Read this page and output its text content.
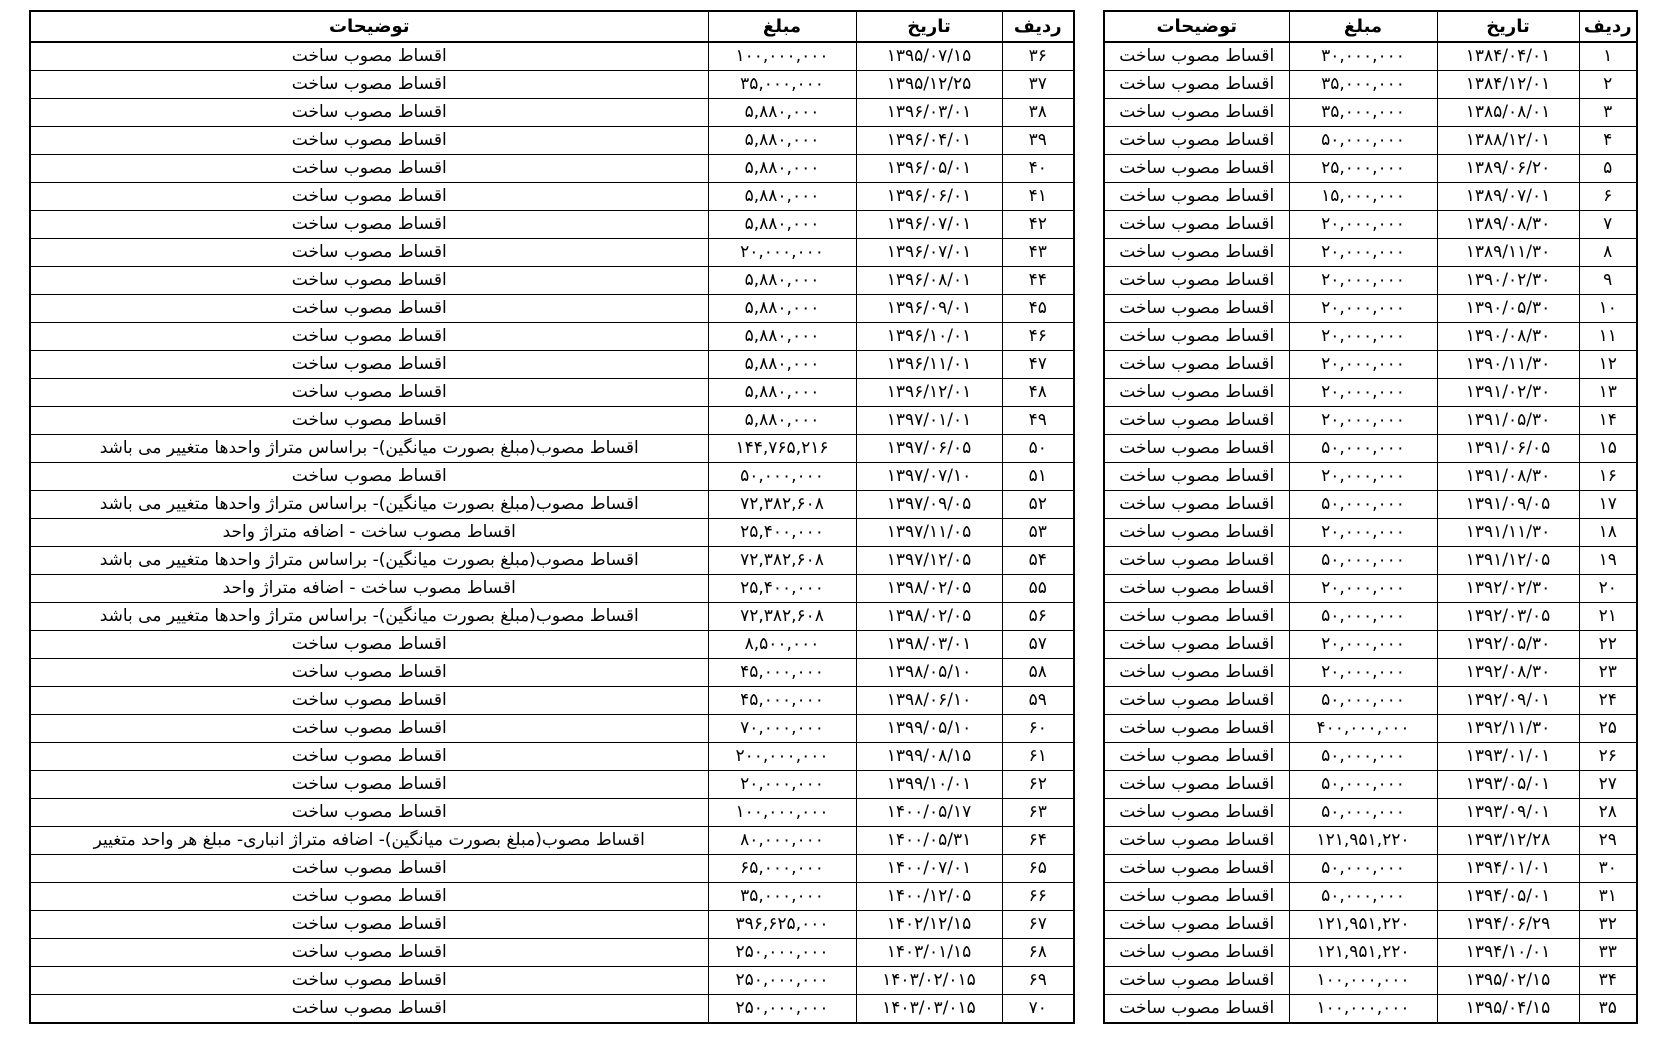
ردیف	تاریخ	مبلغ	توضیحات
۱	۱۳۸۴/۰۴/۰۱	۳۰,۰۰۰,۰۰۰	اقساط مصوب ساخت
۲	۱۳۸۴/۱۲/۰۱	۳۵,۰۰۰,۰۰۰	اقساط مصوب ساخت
۳	۱۳۸۵/۰۸/۰۱	۳۵,۰۰۰,۰۰۰	اقساط مصوب ساخت
۴	۱۳۸۸/۱۲/۰۱	۵۰,۰۰۰,۰۰۰	اقساط مصوب ساخت
۵	۱۳۸۹/۰۶/۲۰	۲۵,۰۰۰,۰۰۰	اقساط مصوب ساخت
۶	۱۳۸۹/۰۷/۰۱	۱۵,۰۰۰,۰۰۰	اقساط مصوب ساخت
۷	۱۳۸۹/۰۸/۳۰	۲۰,۰۰۰,۰۰۰	اقساط مصوب ساخت
۸	۱۳۸۹/۱۱/۳۰	۲۰,۰۰۰,۰۰۰	اقساط مصوب ساخت
۹	۱۳۹۰/۰۲/۳۰	۲۰,۰۰۰,۰۰۰	اقساط مصوب ساخت
۱۰	۱۳۹۰/۰۵/۳۰	۲۰,۰۰۰,۰۰۰	اقساط مصوب ساخت
۱۱	۱۳۹۰/۰۸/۳۰	۲۰,۰۰۰,۰۰۰	اقساط مصوب ساخت
۱۲	۱۳۹۰/۱۱/۳۰	۲۰,۰۰۰,۰۰۰	اقساط مصوب ساخت
۱۳	۱۳۹۱/۰۲/۳۰	۲۰,۰۰۰,۰۰۰	اقساط مصوب ساخت
۱۴	۱۳۹۱/۰۵/۳۰	۲۰,۰۰۰,۰۰۰	اقساط مصوب ساخت
۱۵	۱۳۹۱/۰۶/۰۵	۵۰,۰۰۰,۰۰۰	اقساط مصوب ساخت
۱۶	۱۳۹۱/۰۸/۳۰	۲۰,۰۰۰,۰۰۰	اقساط مصوب ساخت
۱۷	۱۳۹۱/۰۹/۰۵	۵۰,۰۰۰,۰۰۰	اقساط مصوب ساخت
۱۸	۱۳۹۱/۱۱/۳۰	۲۰,۰۰۰,۰۰۰	اقساط مصوب ساخت
۱۹	۱۳۹۱/۱۲/۰۵	۵۰,۰۰۰,۰۰۰	اقساط مصوب ساخت
۲۰	۱۳۹۲/۰۲/۳۰	۲۰,۰۰۰,۰۰۰	اقساط مصوب ساخت
۲۱	۱۳۹۲/۰۳/۰۵	۵۰,۰۰۰,۰۰۰	اقساط مصوب ساخت
۲۲	۱۳۹۲/۰۵/۳۰	۲۰,۰۰۰,۰۰۰	اقساط مصوب ساخت
۲۳	۱۳۹۲/۰۸/۳۰	۲۰,۰۰۰,۰۰۰	اقساط مصوب ساخت
۲۴	۱۳۹۲/۰۹/۰۱	۵۰,۰۰۰,۰۰۰	اقساط مصوب ساخت
۲۵	۱۳۹۲/۱۱/۳۰	۴۰۰,۰۰۰,۰۰۰	اقساط مصوب ساخت
۲۶	۱۳۹۳/۰۱/۰۱	۵۰,۰۰۰,۰۰۰	اقساط مصوب ساخت
۲۷	۱۳۹۳/۰۵/۰۱	۵۰,۰۰۰,۰۰۰	اقساط مصوب ساخت
۲۸	۱۳۹۳/۰۹/۰۱	۵۰,۰۰۰,۰۰۰	اقساط مصوب ساخت
۲۹	۱۳۹۳/۱۲/۲۸	۱۲۱,۹۵۱,۲۲۰	اقساط مصوب ساخت
۳۰	۱۳۹۴/۰۱/۰۱	۵۰,۰۰۰,۰۰۰	اقساط مصوب ساخت
۳۱	۱۳۹۴/۰۵/۰۱	۵۰,۰۰۰,۰۰۰	اقساط مصوب ساخت
۳۲	۱۳۹۴/۰۶/۲۹	۱۲۱,۹۵۱,۲۲۰	اقساط مصوب ساخت
۳۳	۱۳۹۴/۱۰/۰۱	۱۲۱,۹۵۱,۲۲۰	اقساط مصوب ساخت
۳۴	۱۳۹۵/۰۲/۱۵	۱۰۰,۰۰۰,۰۰۰	اقساط مصوب ساخت
۳۵	۱۳۹۵/۰۴/۱۵	۱۰۰,۰۰۰,۰۰۰	اقساط مصوب ساخت
ردیف	تاریخ	مبلغ	توضیحات
۳۶	۱۳۹۵/۰۷/۱۵	۱۰۰,۰۰۰,۰۰۰	اقساط مصوب ساخت
۳۷	۱۳۹۵/۱۲/۲۵	۳۵,۰۰۰,۰۰۰	اقساط مصوب ساخت
۳۸	۱۳۹۶/۰۳/۰۱	۵,۸۸۰,۰۰۰	اقساط مصوب ساخت
۳۹	۱۳۹۶/۰۴/۰۱	۵,۸۸۰,۰۰۰	اقساط مصوب ساخت
۴۰	۱۳۹۶/۰۵/۰۱	۵,۸۸۰,۰۰۰	اقساط مصوب ساخت
۴۱	۱۳۹۶/۰۶/۰۱	۵,۸۸۰,۰۰۰	اقساط مصوب ساخت
۴۲	۱۳۹۶/۰۷/۰۱	۵,۸۸۰,۰۰۰	اقساط مصوب ساخت
۴۳	۱۳۹۶/۰۷/۰۱	۲۰,۰۰۰,۰۰۰	اقساط مصوب ساخت
۴۴	۱۳۹۶/۰۸/۰۱	۵,۸۸۰,۰۰۰	اقساط مصوب ساخت
۴۵	۱۳۹۶/۰۹/۰۱	۵,۸۸۰,۰۰۰	اقساط مصوب ساخت
۴۶	۱۳۹۶/۱۰/۰۱	۵,۸۸۰,۰۰۰	اقساط مصوب ساخت
۴۷	۱۳۹۶/۱۱/۰۱	۵,۸۸۰,۰۰۰	اقساط مصوب ساخت
۴۸	۱۳۹۶/۱۲/۰۱	۵,۸۸۰,۰۰۰	اقساط مصوب ساخت
۴۹	۱۳۹۷/۰۱/۰۱	۵,۸۸۰,۰۰۰	اقساط مصوب ساخت
۵۰	۱۳۹۷/۰۶/۰۵	۱۴۴,۷۶۵,۲۱۶	اقساط مصوب(مبلغ بصورت میانگین)- براساس متراژ واحدها متغییر می باشد
۵۱	۱۳۹۷/۰۷/۱۰	۵۰,۰۰۰,۰۰۰	اقساط مصوب ساخت
۵۲	۱۳۹۷/۰۹/۰۵	۷۲,۳۸۲,۶۰۸	اقساط مصوب(مبلغ بصورت میانگین)- براساس متراژ واحدها متغییر می باشد
۵۳	۱۳۹۷/۱۱/۰۵	۲۵,۴۰۰,۰۰۰	اقساط مصوب ساخت - اضافه متراژ واحد
۵۴	۱۳۹۷/۱۲/۰۵	۷۲,۳۸۲,۶۰۸	اقساط مصوب(مبلغ بصورت میانگین)- براساس متراژ واحدها متغییر می باشد
۵۵	۱۳۹۸/۰۲/۰۵	۲۵,۴۰۰,۰۰۰	اقساط مصوب ساخت - اضافه متراژ واحد
۵۶	۱۳۹۸/۰۲/۰۵	۷۲,۳۸۲,۶۰۸	اقساط مصوب(مبلغ بصورت میانگین)- براساس متراژ واحدها متغییر می باشد
۵۷	۱۳۹۸/۰۳/۰۱	۸,۵۰۰,۰۰۰	اقساط مصوب ساخت
۵۸	۱۳۹۸/۰۵/۱۰	۴۵,۰۰۰,۰۰۰	اقساط مصوب ساخت
۵۹	۱۳۹۸/۰۶/۱۰	۴۵,۰۰۰,۰۰۰	اقساط مصوب ساخت
۶۰	۱۳۹۹/۰۵/۱۰	۷۰,۰۰۰,۰۰۰	اقساط مصوب ساخت
۶۱	۱۳۹۹/۰۸/۱۵	۲۰۰,۰۰۰,۰۰۰	اقساط مصوب ساخت
۶۲	۱۳۹۹/۱۰/۰۱	۲۰,۰۰۰,۰۰۰	اقساط مصوب ساخت
۶۳	۱۴۰۰/۰۵/۱۷	۱۰۰,۰۰۰,۰۰۰	اقساط مصوب ساخت
۶۴	۱۴۰۰/۰۵/۳۱	۸۰,۰۰۰,۰۰۰	اقساط مصوب(مبلغ بصورت میانگین)- اضافه متراژ انباری- مبلغ هر واحد متغییر
۶۵	۱۴۰۰/۰۷/۰۱	۶۵,۰۰۰,۰۰۰	اقساط مصوب ساخت
۶۶	۱۴۰۰/۱۲/۰۵	۳۵,۰۰۰,۰۰۰	اقساط مصوب ساخت
۶۷	۱۴۰۲/۱۲/۱۵	۳۹۶,۶۲۵,۰۰۰	اقساط مصوب ساخت
۶۸	۱۴۰۳/۰۱/۱۵	۲۵۰,۰۰۰,۰۰۰	اقساط مصوب ساخت
۶۹	۱۴۰۳/۰۲/۰۱۵	۲۵۰,۰۰۰,۰۰۰	اقساط مصوب ساخت
۷۰	۱۴۰۳/۰۳/۰۱۵	۲۵۰,۰۰۰,۰۰۰	اقساط مصوب ساخت
